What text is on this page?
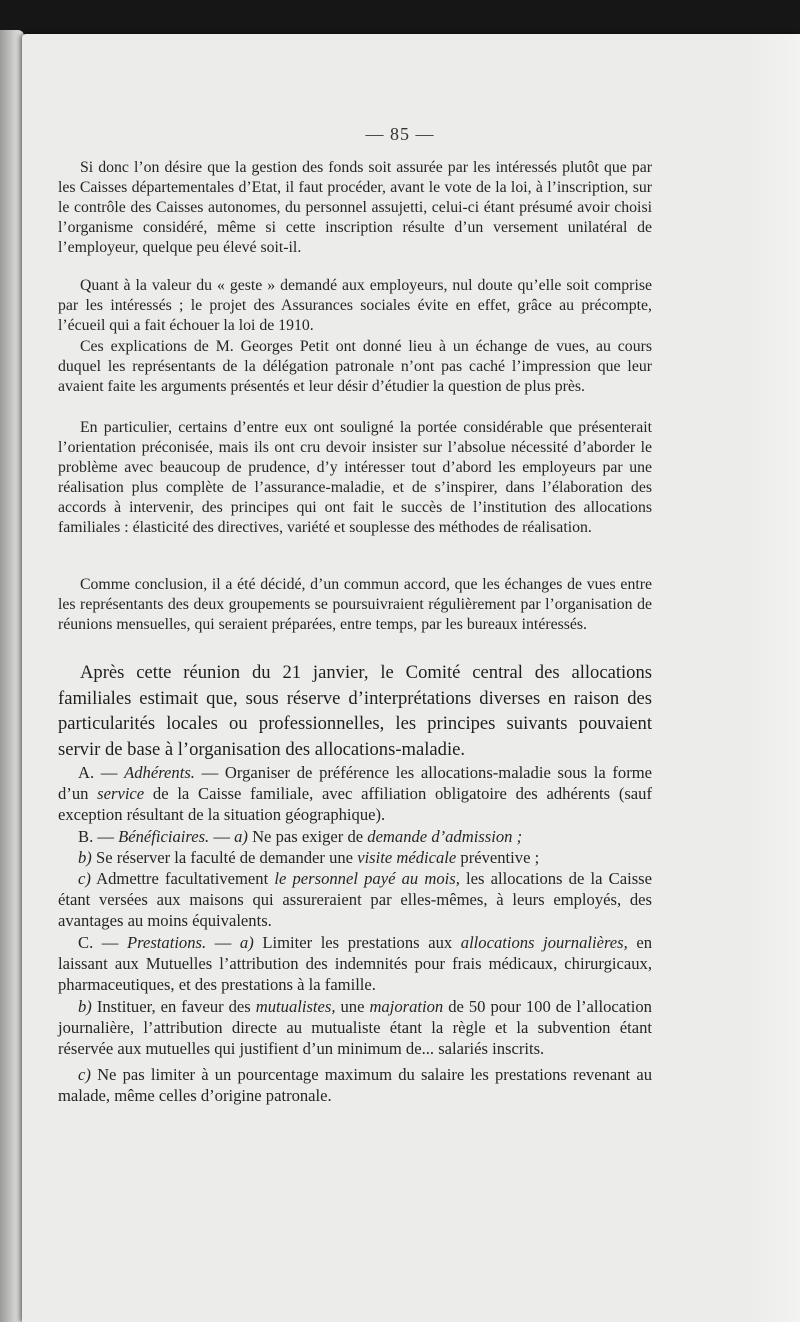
— 85 —

Si donc l’on désire que la gestion des fonds soit assurée par les intéressés plutôt que par les Caisses départementales d’Etat, il faut procéder, avant le vote de la loi, à l’inscription, sur le contrôle des Caisses autonomes, du personnel assujetti, celui-ci étant présumé avoir choisi l’organisme considéré, même si cette inscription résulte d’un versement unilatéral de l’employeur, quelque peu élevé soit-il.

Quant à la valeur du « geste » demandé aux employeurs, nul doute qu’elle soit comprise par les intéressés ; le projet des Assurances sociales évite en effet, grâce au précompte, l’écueil qui a fait échouer la loi de 1910.

Ces explications de M. Georges Petit ont donné lieu à un échange de vues, au cours duquel les représentants de la délégation patronale n’ont pas caché l’impression que leur avaient faite les arguments présentés et leur désir d’étudier la question de plus près.

En particulier, certains d’entre eux ont souligné la portée considérable que présenterait l’orientation préconisée, mais ils ont cru devoir insister sur l’absolue nécessité d’aborder le problème avec beaucoup de prudence, d’y intéresser tout d’abord les employeurs par une réalisation plus complète de l’assurance-maladie, et de s’inspirer, dans l’élaboration des accords à intervenir, des principes qui ont fait le succès de l’institution des allocations familiales : élasticité des directives, variété et souplesse des méthodes de réalisation.

Comme conclusion, il a été décidé, d’un commun accord, que les échanges de vues entre les représentants des deux groupements se poursuivraient régulièrement par l’organisation de réunions mensuelles, qui seraient préparées, entre temps, par les bureaux intéressés.

Après cette réunion du 21 janvier, le Comité central des allocations familiales estimait que, sous réserve d’interprétations diverses en raison des particularités locales ou professionnelles, les principes suivants pouvaient servir de base à l’organisation des allocations-maladie.

A. — Adhérents. — Organiser de préférence les allocations-maladie sous la forme d’un service de la Caisse familiale, avec affiliation obligatoire des adhérents (sauf exception résultant de la situation géographique).

B. — Bénéficiaires. — a) Ne pas exiger de demande d’admission ;

b) Se réserver la faculté de demander une visite médicale préventive ;

c) Admettre facultativement le personnel payé au mois, les allocations de la Caisse étant versées aux maisons qui assureraient par elles-mêmes, à leurs employés, des avantages au moins équivalents.

C. — Prestations. — a) Limiter les prestations aux allocations journalières, en laissant aux Mutuelles l’attribution des indemnités pour frais médicaux, chirurgicaux, pharmaceutiques, et des prestations à la famille.

b) Instituer, en faveur des mutualistes, une majoration de 50 pour 100 de l’allocation journalière, l’attribution directe au mutualiste étant la règle et la subvention étant réservée aux mutuelles qui justifient d’un minimum de... salariés inscrits.

c) Ne pas limiter à un pourcentage maximum du salaire les prestations revenant au malade, même celles d’origine patronale.
